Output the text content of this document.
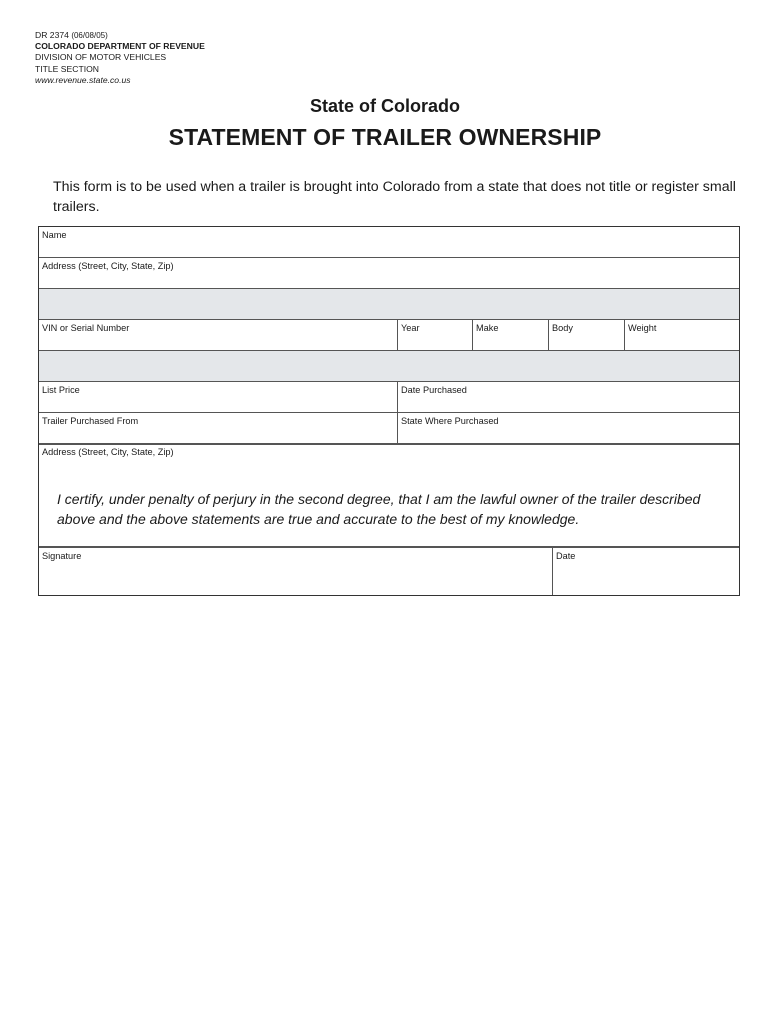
DR 2374 (06/08/05)
COLORADO DEPARTMENT OF REVENUE
DIVISION OF MOTOR VEHICLES
TITLE SECTION
www.revenue.state.co.us
State of Colorado
STATEMENT OF TRAILER OWNERSHIP
This form is to be used when a trailer is brought into Colorado from a state that does not title or register small trailers.
Name
Address (Street, City, State, Zip)
VIN or Serial Number	Year	Make	Body	Weight
List Price	Date Purchased
Trailer Purchased From	State Where Purchased
Address (Street, City, State, Zip)
I certify, under penalty of perjury in the second degree, that I am the lawful owner of the trailer described above and the above statements are true and accurate to the best of my knowledge.
Signature	Date
